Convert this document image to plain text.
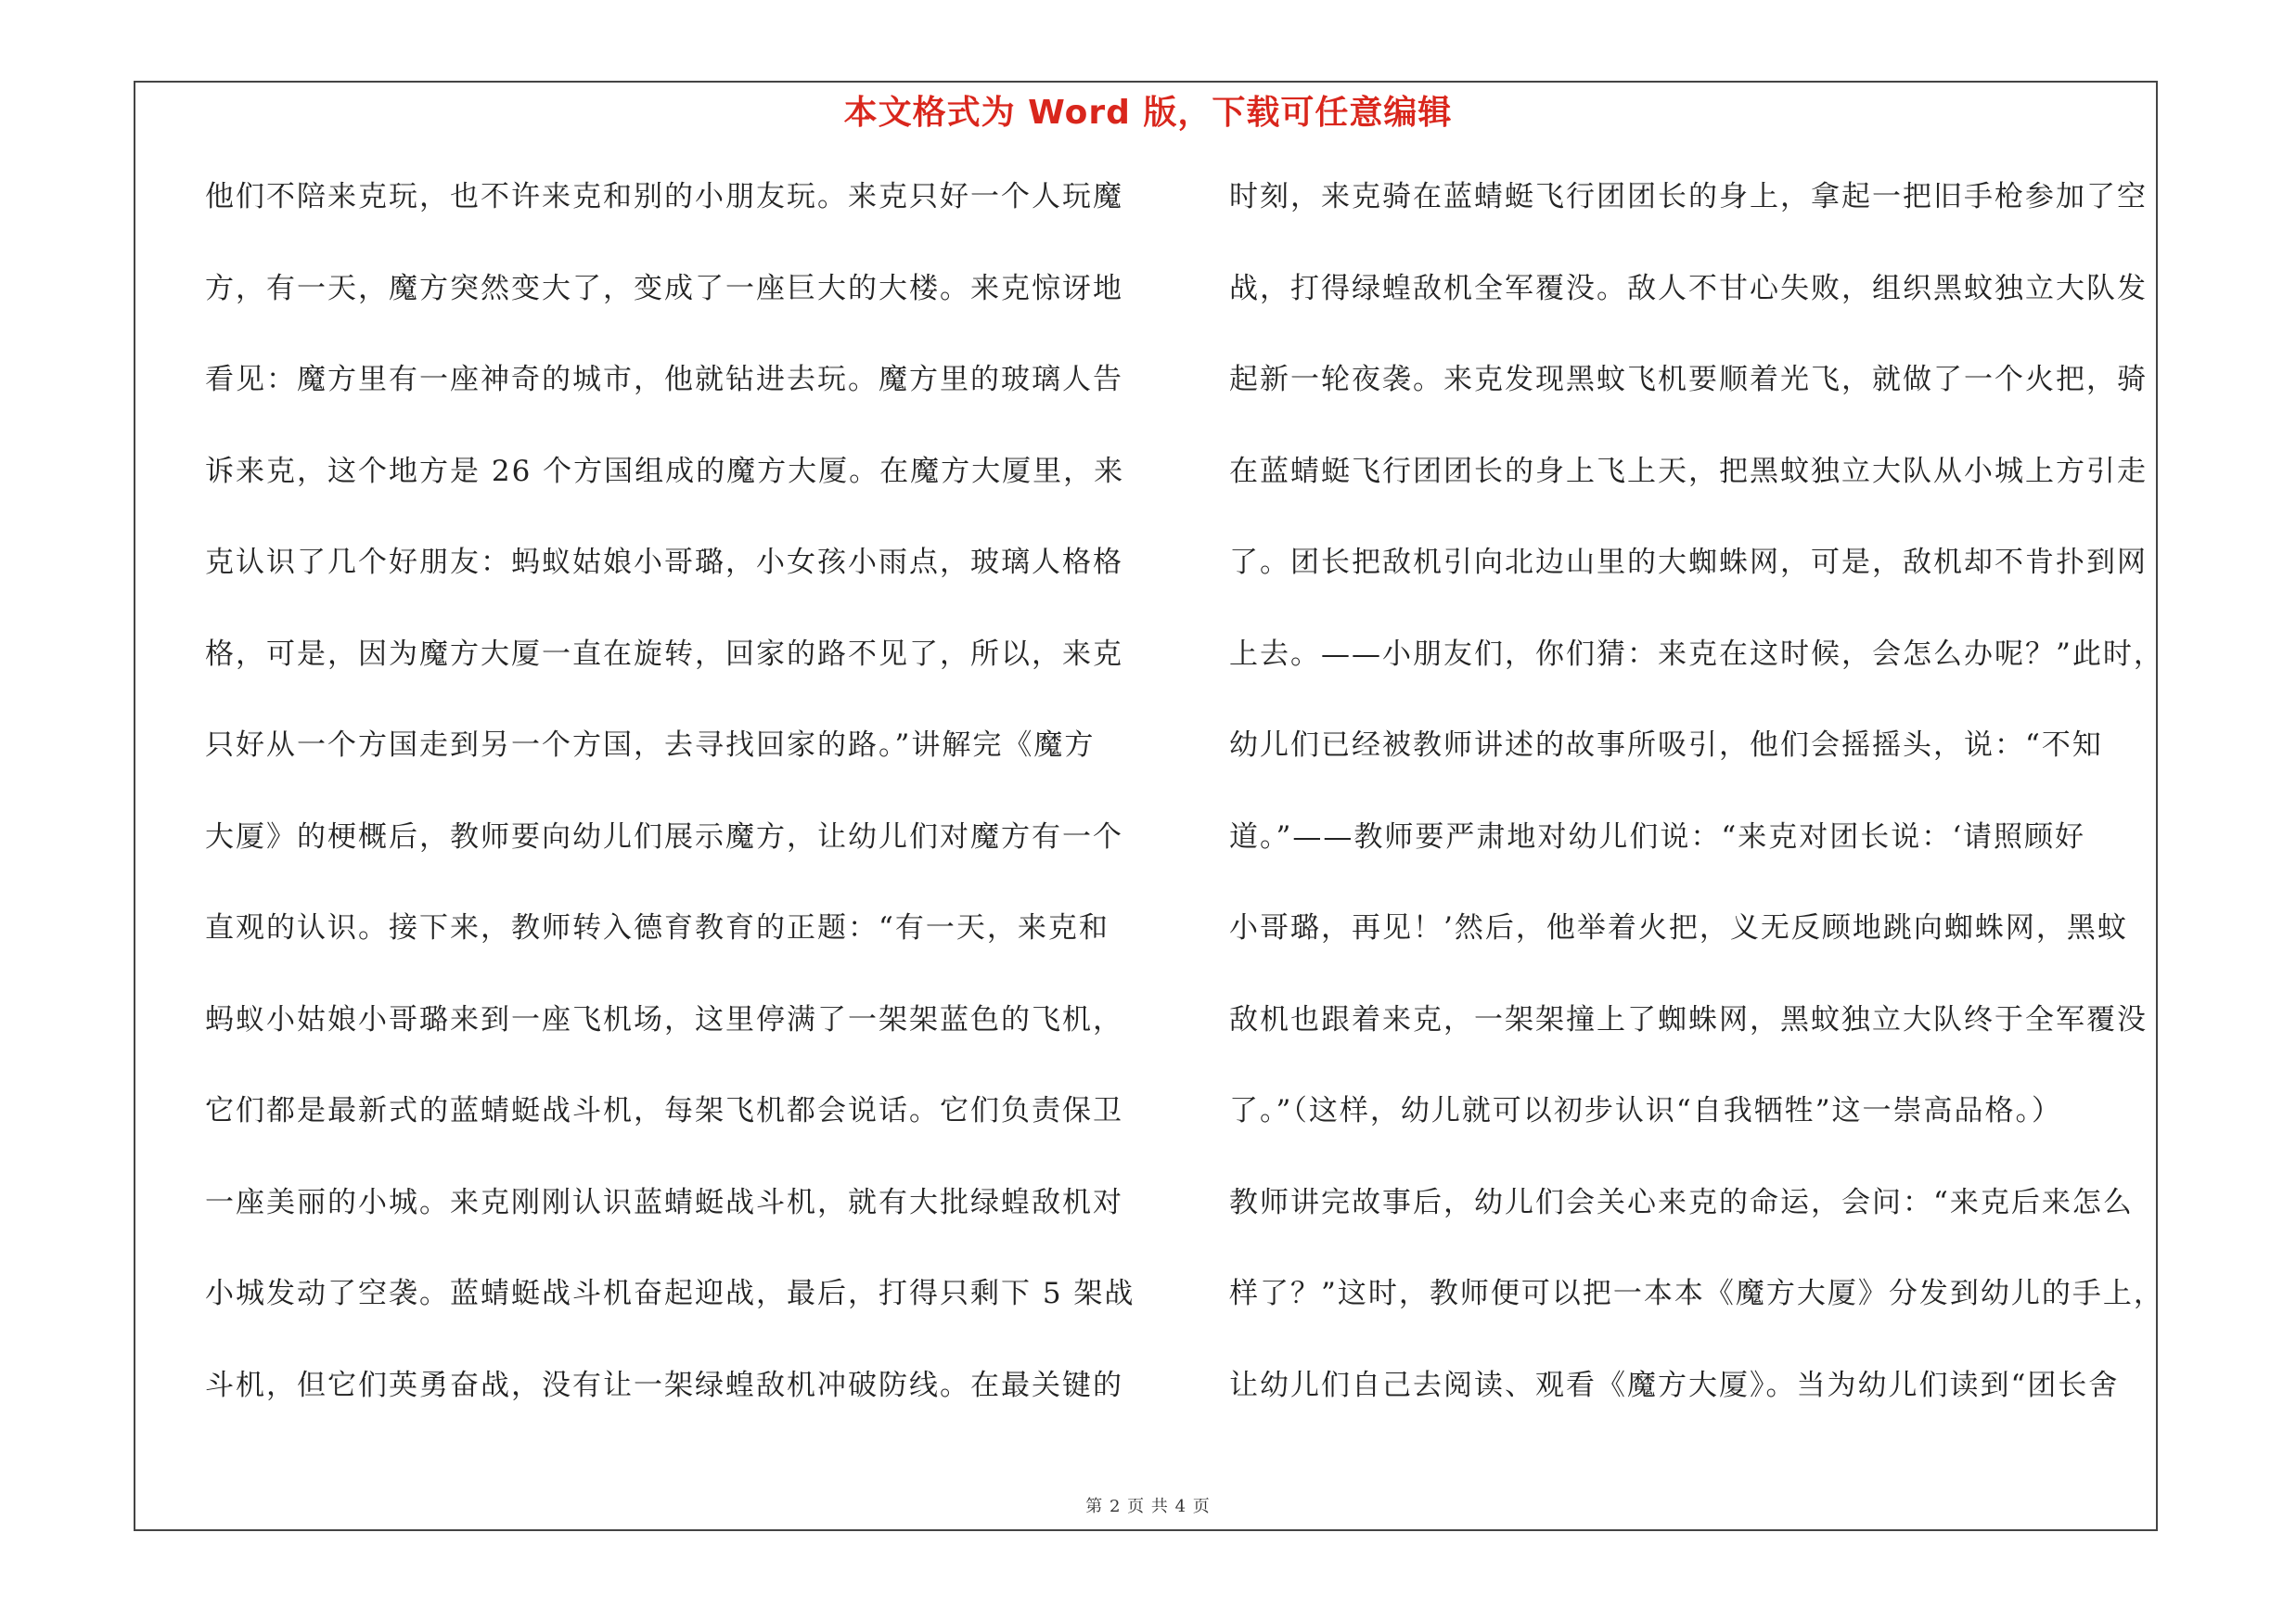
本文格式为 Word 版，下载可任意编辑
他们不陪来克玩，也不许来克和别的小朋友玩。来克只好一个人玩魔
方，有一天，魔方突然变大了，变成了一座巨大的大楼。来克惊讶地
看见：魔方里有一座神奇的城市，他就钻进去玩。魔方里的玻璃人告
诉来克，这个地方是 26 个方国组成的魔方大厦。在魔方大厦里，来
克认识了几个好朋友：蚂蚁姑娘小哥璐，小女孩小雨点，玻璃人格格
格，可是，因为魔方大厦一直在旋转，回家的路不见了，所以，来克
只好从一个方国走到另一个方国，去寻找回家的路。”讲解完《魔方
大厦》的梗概后，教师要向幼儿们展示魔方，让幼儿们对魔方有一个
直观的认识。接下来，教师转入德育教育的正题：“有一天，来克和
蚂蚁小姑娘小哥璐来到一座飞机场，这里停满了一架架蓝色的飞机，
它们都是最新式的蓝蜻蜓战斗机，每架飞机都会说话。它们负责保卫
一座美丽的小城。来克刚刚认识蓝蜻蜓战斗机，就有大批绿蝗敌机对
小城发动了空袭。蓝蜻蜓战斗机奋起迎战，最后，打得只剩下 5 架战
斗机，但它们英勇奋战，没有让一架绿蝗敌机冲破防线。在最关键的
时刻，来克骑在蓝蜻蜓飞行团团长的身上，拿起一把旧手枪参加了空
战，打得绿蝗敌机全军覆没。敌人不甘心失败，组织黑蚊独立大队发
起新一轮夜袭。来克发现黑蚊飞机要顺着光飞，就做了一个火把，骑
在蓝蜻蜓飞行团团长的身上飞上天，把黑蚊独立大队从小城上方引走
了。团长把敌机引向北边山里的大蜘蛛网，可是，敌机却不肯扑到网
上去。——小朋友们，你们猜：来克在这时候，会怎么办呢？”此时，
幼儿们已经被教师讲述的故事所吸引，他们会摇摇头，说：“不知
道。”——教师要严肃地对幼儿们说：“来克对团长说：‘请照顾好
小哥璐，再见！’然后，他举着火把，义无反顾地跳向蜘蛛网，黑蚊
敌机也跟着来克，一架架撞上了蜘蛛网，黑蚊独立大队终于全军覆没
了。”（这样，幼儿就可以初步认识“自我牺牲”这一崇高品格。）
教师讲完故事后，幼儿们会关心来克的命运，会问：“来克后来怎么
样了？”这时，教师便可以把一本本《魔方大厦》分发到幼儿的手上，
让幼儿们自己去阅读、观看《魔方大厦》。当为幼儿们读到“团长舍
第 2 页 共 4 页
